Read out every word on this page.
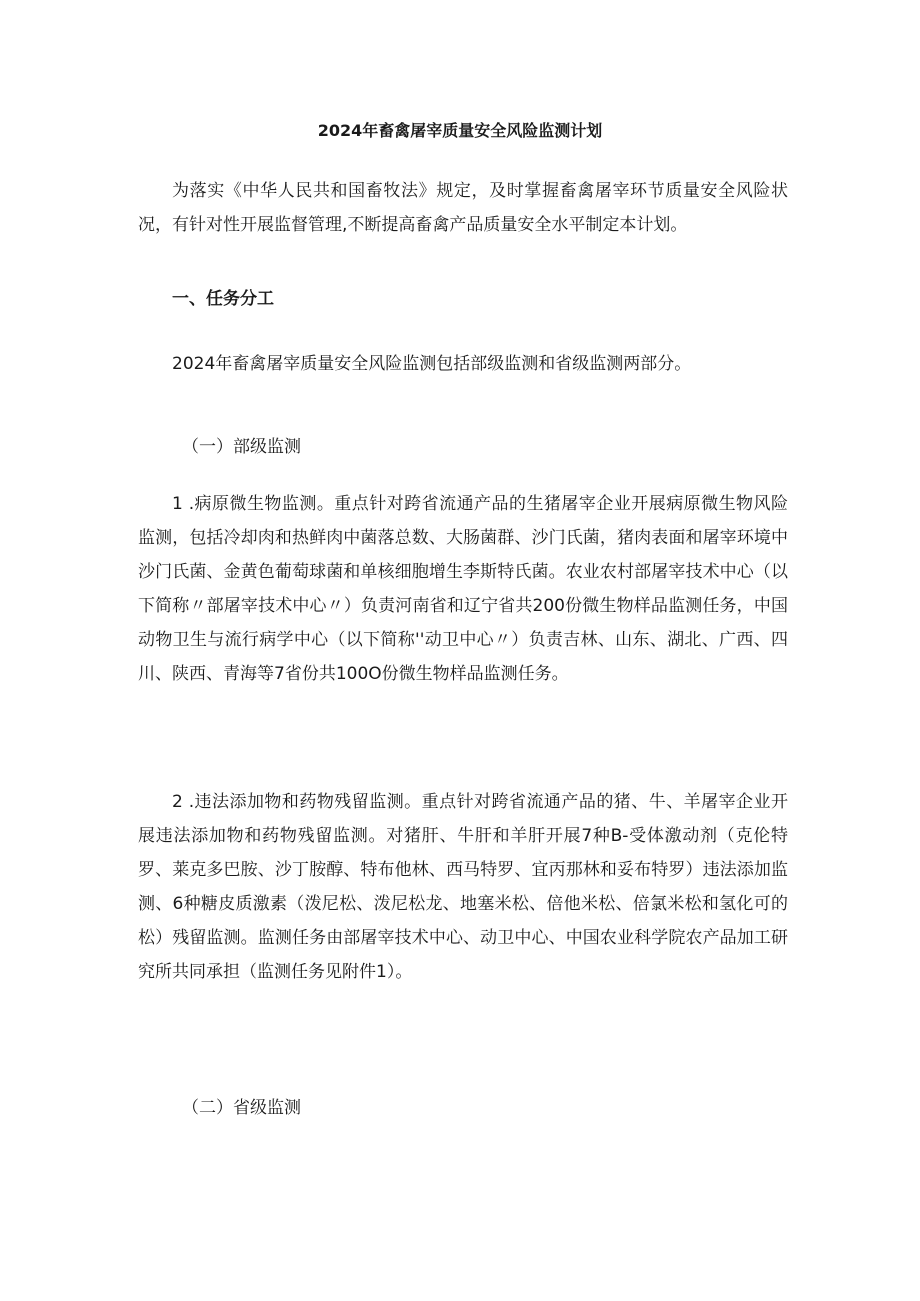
2024年畜禽屠宰质量安全风险监测计划

为落实《中华人民共和国畜牧法》规定，及时掌握畜禽屠宰环节质量安全风险状况，有针对性开展监督管理,不断提高畜禽产品质量安全水平制定本计划。

一、任务分工

2024年畜禽屠宰质量安全风险监测包括部级监测和省级监测两部分。

（一）部级监测

1 .病原微生物监测。重点针对跨省流通产品的生猪屠宰企业开展病原微生物风险监测，包括冷却肉和热鲜肉中菌落总数、大肠菌群、沙门氏菌，猪肉表面和屠宰环境中沙门氏菌、金黄色葡萄球菌和单核细胞增生李斯特氏菌。农业农村部屠宰技术中心（以下简称〃部屠宰技术中心〃）负责河南省和辽宁省共200份微生物样品监测任务，中国动物卫生与流行病学中心（以下简称''动卫中心〃）负责吉林、山东、湖北、广西、四川、陕西、青海等7省份共100O份微生物样品监测任务。

2 .违法添加物和药物残留监测。重点针对跨省流通产品的猪、牛、羊屠宰企业开展违法添加物和药物残留监测。对猪肝、牛肝和羊肝开展7种B-受体激动剂（克伦特罗、莱克多巴胺、沙丁胺醇、特布他林、西马特罗、宜丙那林和妥布特罗）违法添加监测、6种糖皮质激素（泼尼松、泼尼松龙、地塞米松、倍他米松、倍氯米松和氢化可的松）残留监测。监测任务由部屠宰技术中心、动卫中心、中国农业科学院农产品加工研究所共同承担（监测任务见附件1）。

（二）省级监测
